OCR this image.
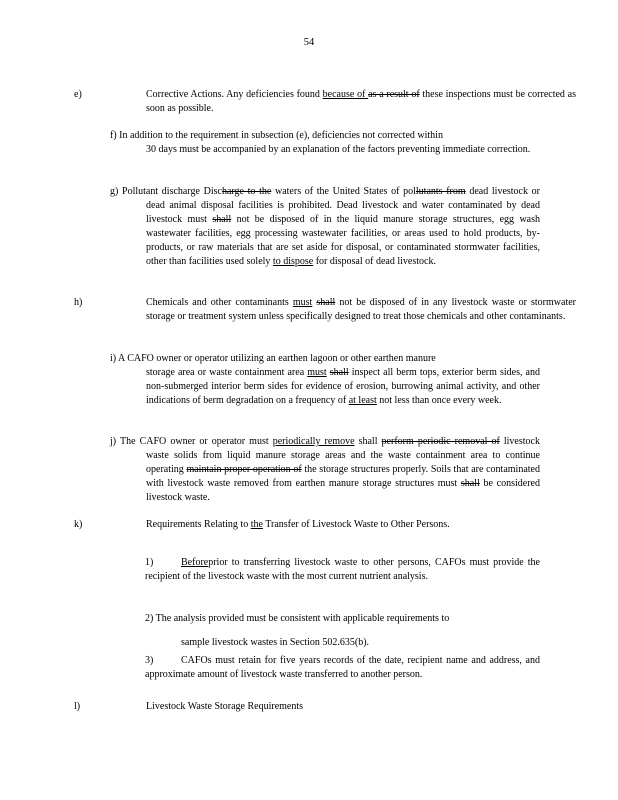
54

e)	Corrective Actions. Any deficiencies found because of as a result of these inspections must be corrected as soon as possible.

f) In addition to the requirement in subsection (e), deficiencies not corrected within

30 days must be accompanied by an explanation of the factors preventing immediate correction.

g) Pollutant discharge Discharge to the waters of the United States of pollutants from dead livestock or dead animal disposal facilities is prohibited. Dead livestock and water contaminated by dead livestock must shall not be disposed of in the liquid manure storage structures, egg wash wastewater facilities, egg processing wastewater facilities, or areas used to hold products, by-products, or raw materials that are set aside for disposal, or contaminated stormwater facilities, other than facilities used solely to dispose for disposal of dead livestock.

h)	Chemicals and other contaminants must shall not be disposed of in any livestock waste or stormwater storage or treatment system unless specifically designed to treat those chemicals and other contaminants.

i) A CAFO owner or operator utilizing an earthen lagoon or other earthen manure

storage area or waste containment area must shall inspect all berm tops, exterior berm sides, and non-submerged interior berm sides for evidence of erosion, burrowing animal activity, and other indications of berm degradation on a frequency of at least not less than once every week.

j) The CAFO owner or operator must periodically remove shall perform periodic removal of livestock waste solids from liquid manure storage areas and the waste containment area to continue operating maintain proper operation of the storage structures properly. Soils that are contaminated with livestock waste removed from earthen manure storage structures must shall be considered livestock waste.

k)	Requirements Relating to the Transfer of Livestock Waste to Other Persons.

1)	Beforeprior to transferring livestock waste to other persons, CAFOs must provide the recipient of the livestock waste with the most current nutrient analysis.

2) The analysis provided must be consistent with applicable requirements to

sample livestock wastes in Section 502.635(b).

3)	CAFOs must retain for five years records of the date, recipient name and address, and approximate amount of livestock waste transferred to another person.

l)	Livestock Waste Storage Requirements
